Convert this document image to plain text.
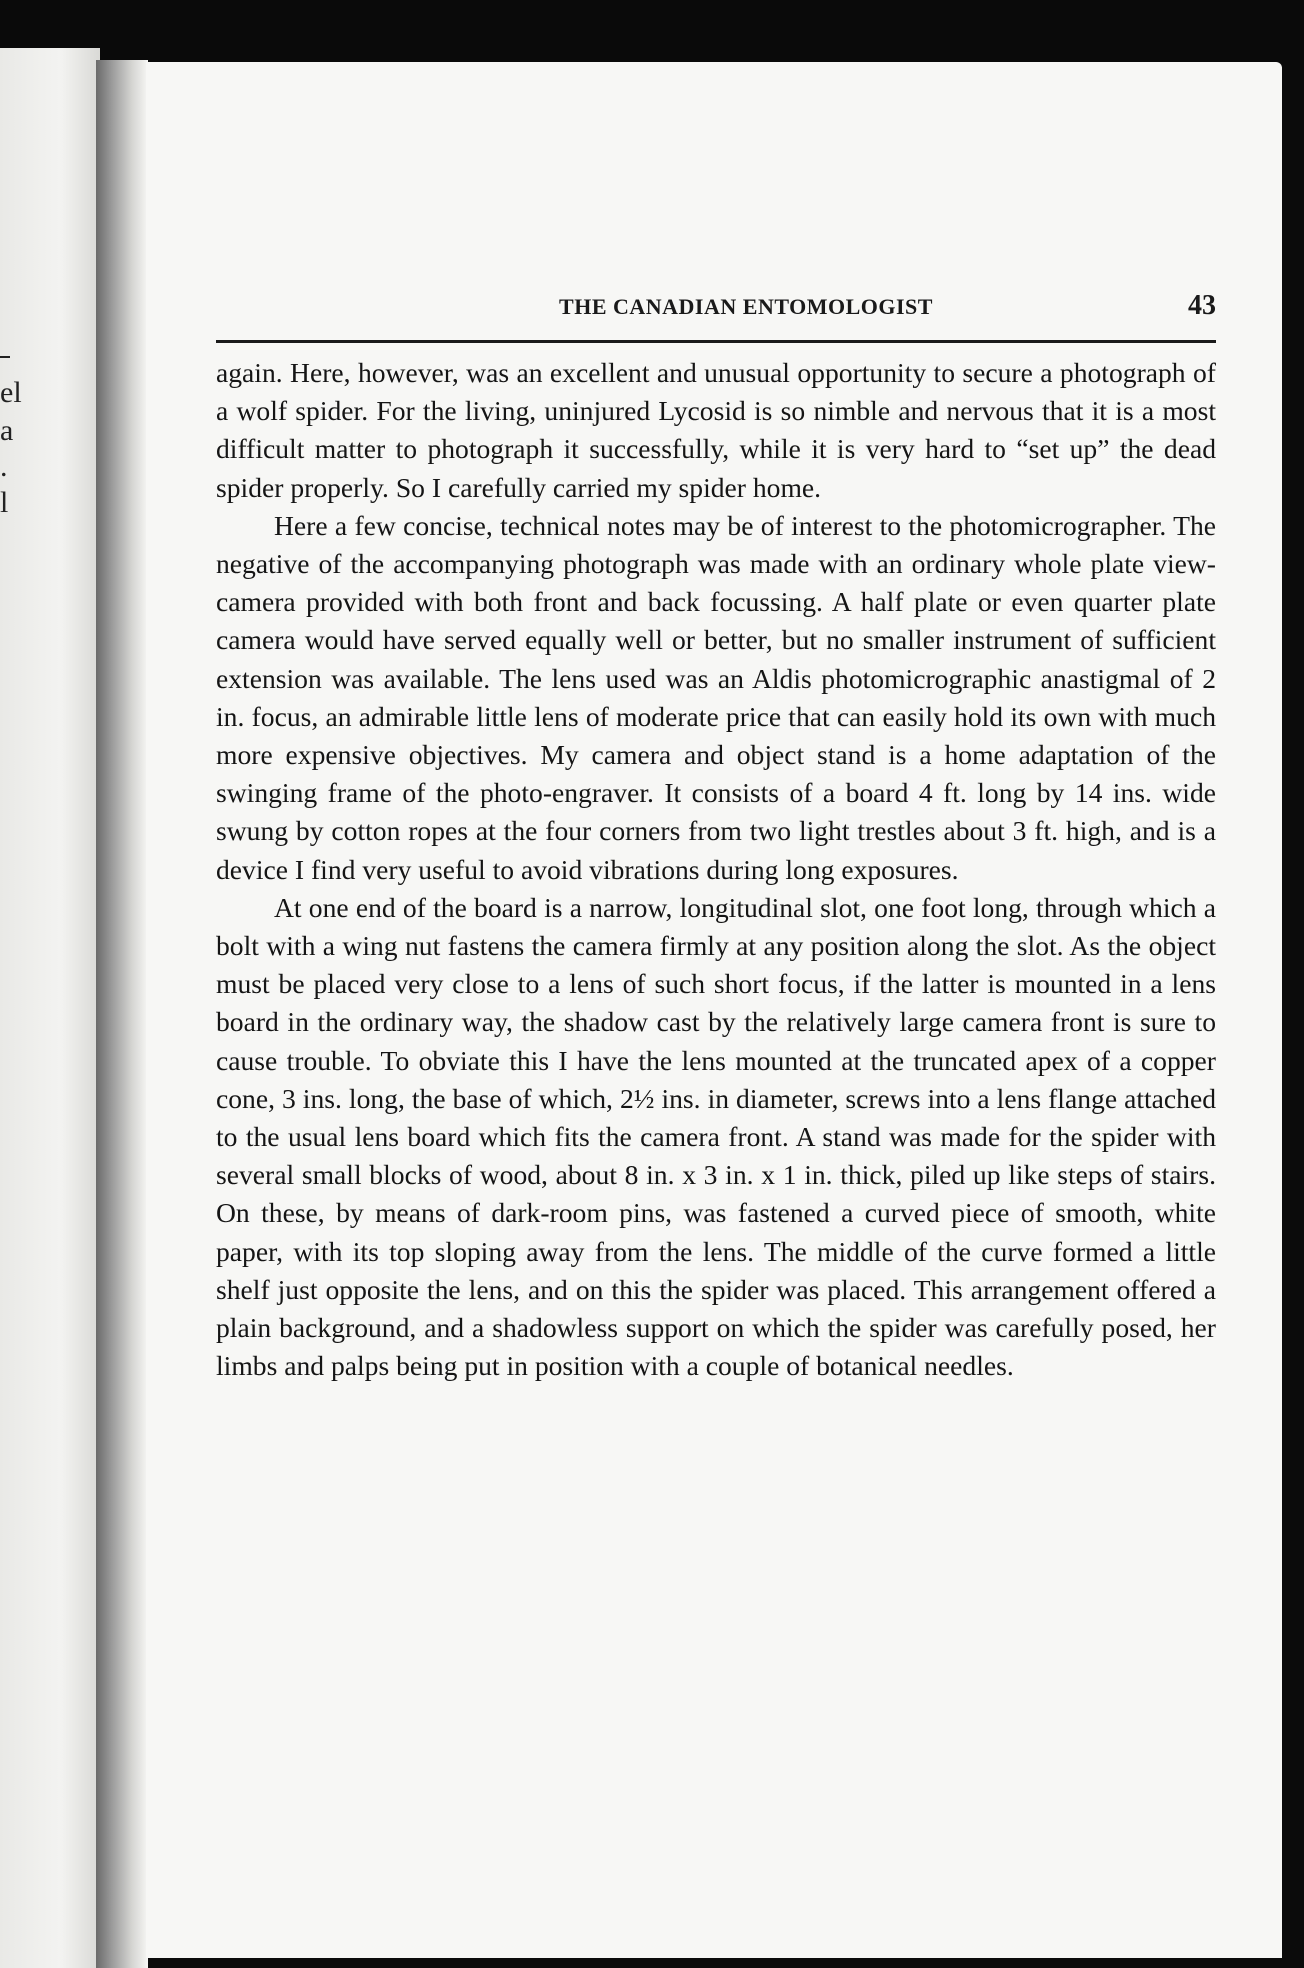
el
a
.
l
THE CANADIAN ENTOMOLOGIST	43

again. Here, however, was an excellent and unusual opportunity to secure a photograph of a wolf spider. For the living, uninjured Lycosid is so nimble and nervous that it is a most difficult matter to photograph it successfully, while it is very hard to “set up” the dead spider properly. So I carefully carried my spider home.

Here a few concise, technical notes may be of interest to the photomicrographer. The negative of the accompanying photograph was made with an ordinary whole plate view-camera provided with both front and back focussing. A half plate or even quarter plate camera would have served equally well or better, but no smaller instrument of sufficient extension was available. The lens used was an Aldis photomicrographic anastigmal of 2 in. focus, an admirable little lens of moderate price that can easily hold its own with much more expensive objectives. My camera and object stand is a home adaptation of the swinging frame of the photo-engraver. It consists of a board 4 ft. long by 14 ins. wide swung by cotton ropes at the four corners from two light trestles about 3 ft. high, and is a device I find very useful to avoid vibrations during long exposures.

At one end of the board is a narrow, longitudinal slot, one foot long, through which a bolt with a wing nut fastens the camera firmly at any position along the slot. As the object must be placed very close to a lens of such short focus, if the latter is mounted in a lens board in the ordinary way, the shadow cast by the relatively large camera front is sure to cause trouble. To obviate this I have the lens mounted at the truncated apex of a copper cone, 3 ins. long, the base of which, 2½ ins. in diameter, screws into a lens flange attached to the usual lens board which fits the camera front. A stand was made for the spider with several small blocks of wood, about 8 in. x 3 in. x 1 in. thick, piled up like steps of stairs. On these, by means of dark-room pins, was fastened a curved piece of smooth, white paper, with its top sloping away from the lens. The middle of the curve formed a little shelf just opposite the lens, and on this the spider was placed. This arrangement offered a plain background, and a shadowless support on which the spider was carefully posed, her limbs and palps being put in position with a couple of botanical needles.
